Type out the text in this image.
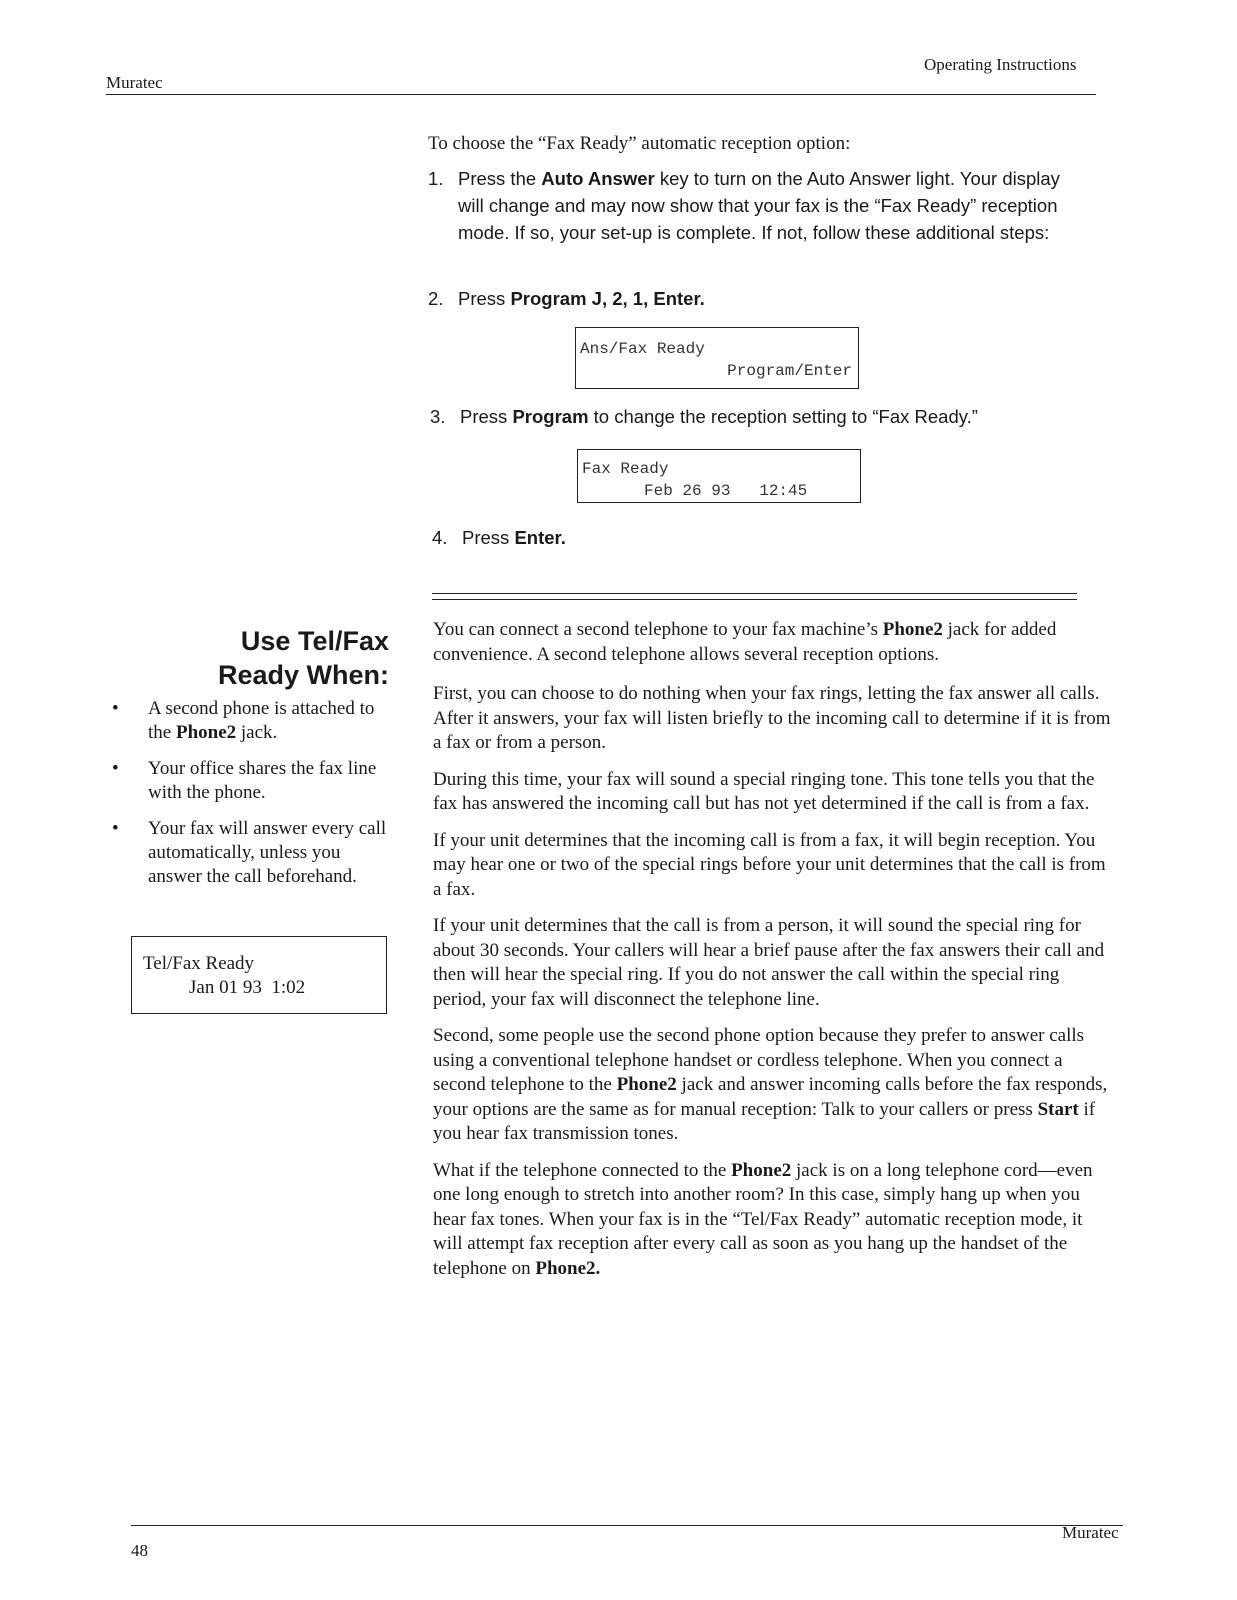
Muratec
Operating Instructions
To choose the “Fax Ready” automatic reception option:
1. Press the Auto Answer key to turn on the Auto Answer light. Your display will change and may now show that your fax is the “Fax Ready” reception mode. If so, your set-up is complete. If not, follow these additional steps:
2. Press Program J, 2, 1, Enter.
Ans/Fax Ready
Program/Enter
3. Press Program to change the reception setting to “Fax Ready.”
Fax Ready
Feb 26 93   12:45
4. Press Enter.
Use Tel/Fax
Ready When:
• A second phone is attached to the Phone2 jack.
• Your office shares the fax line with the phone.
• Your fax will answer every call automatically, unless you answer the call beforehand.
Tel/Fax Ready
Jan 01 93  1:02

You can connect a second telephone to your fax machine’s Phone2 jack for added convenience. A second telephone allows several reception options.

First, you can choose to do nothing when your fax rings, letting the fax answer all calls. After it answers, your fax will listen briefly to the incoming call to determine if it is from a fax or from a person.

During this time, your fax will sound a special ringing tone. This tone tells you that the fax has answered the incoming call but has not yet determined if the call is from a fax.

If your unit determines that the incoming call is from a fax, it will begin reception. You may hear one or two of the special rings before your unit determines that the call is from a fax.

If your unit determines that the call is from a person, it will sound the special ring for about 30 seconds. Your callers will hear a brief pause after the fax answers their call and then will hear the special ring. If you do not answer the call within the special ring period, your fax will disconnect the telephone line.

Second, some people use the second phone option because they prefer to answer calls using a conventional telephone handset or cordless telephone. When you connect a second telephone to the Phone2 jack and answer incoming calls before the fax responds, your options are the same as for manual reception: Talk to your callers or press Start if you hear fax transmission tones.

What if the telephone connected to the Phone2 jack is on a long telephone cord—even one long enough to stretch into another room? In this case, simply hang up when you hear fax tones. When your fax is in the “Tel/Fax Ready” automatic reception mode, it will attempt fax reception after every call as soon as you hang up the handset of the telephone on Phone2.

48
Muratec
